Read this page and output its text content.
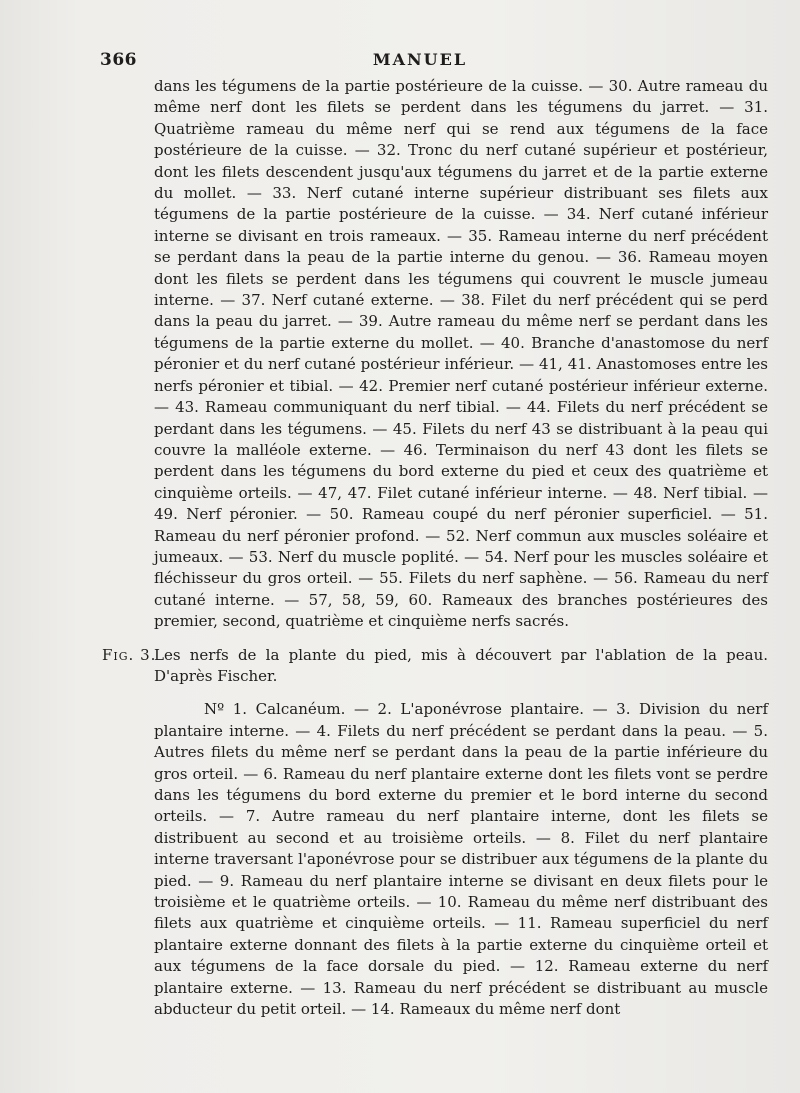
366	MANUEL

dans les tégumens de la partie postérieure de la cuisse. — 30. Autre rameau du même nerf dont les filets se perdent dans les tégumens du jarret. — 31. Quatrième rameau du même nerf qui se rend aux tégumens de la face postérieure de la cuisse. — 32. Tronc du nerf cutané supérieur et postérieur, dont les filets descendent jusqu'aux tégumens du jarret et de la partie externe du mollet. — 33. Nerf cutané interne supérieur distribuant ses filets aux tégumens de la partie postérieure de la cuisse. — 34. Nerf cutané inférieur interne se divisant en trois rameaux. — 35. Rameau interne du nerf précédent se perdant dans la peau de la partie interne du genou. — 36. Rameau moyen dont les filets se perdent dans les tégumens qui couvrent le muscle jumeau interne. — 37. Nerf cutané externe. — 38. Filet du nerf précédent qui se perd dans la peau du jarret. — 39. Autre rameau du même nerf se perdant dans les tégumens de la partie externe du mollet. — 40. Branche d'anastomose du nerf péronier et du nerf cutané postérieur inférieur. — 41, 41. Anastomoses entre les nerfs péronier et tibial. — 42. Premier nerf cutané postérieur inférieur externe. — 43. Rameau communiquant du nerf tibial. — 44. Filets du nerf précédent se perdant dans les tégumens. — 45. Filets du nerf 43 se distribuant à la peau qui couvre la malléole externe. — 46. Terminaison du nerf 43 dont les filets se perdent dans les tégumens du bord externe du pied et ceux des quatrième et cinquième orteils. — 47, 47. Filet cutané inférieur interne. — 48. Nerf tibial. — 49. Nerf péronier. — 50. Rameau coupé du nerf péronier superficiel. — 51. Rameau du nerf péronier profond. — 52. Nerf commun aux muscles soléaire et jumeaux. — 53. Nerf du muscle poplité. — 54. Nerf pour les muscles soléaire et fléchisseur du gros orteil. — 55. Filets du nerf saphène. — 56. Rameau du nerf cutané interne. — 57, 58, 59, 60. Rameaux des branches postérieures des premier, second, quatrième et cinquième nerfs sacrés.

Fig. 3.

Les nerfs de la plante du pied, mis à découvert par l'ablation de la peau. D'après Fischer.

Nº 1. Calcanéum. — 2. L'aponévrose plantaire. — 3. Division du nerf plantaire interne. — 4. Filets du nerf précédent se perdant dans la peau. — 5. Autres filets du même nerf se perdant dans la peau de la partie inférieure du gros orteil. — 6. Rameau du nerf plantaire externe dont les filets vont se perdre dans les tégumens du bord externe du premier et le bord interne du second orteils. — 7. Autre rameau du nerf plantaire interne, dont les filets se distribuent au second et au troisième orteils. — 8. Filet du nerf plantaire interne traversant l'aponévrose pour se distribuer aux tégumens de la plante du pied. — 9. Rameau du nerf plantaire interne se divisant en deux filets pour le troisième et le quatrième orteils. — 10. Rameau du même nerf distribuant des filets aux quatrième et cinquième orteils. — 11. Rameau superficiel du nerf plantaire externe donnant des filets à la partie externe du cinquième orteil et aux tégumens de la face dorsale du pied. — 12. Rameau externe du nerf plantaire externe. — 13. Rameau du nerf précédent se distribuant au muscle abducteur du petit orteil. — 14. Rameaux du même nerf dont
